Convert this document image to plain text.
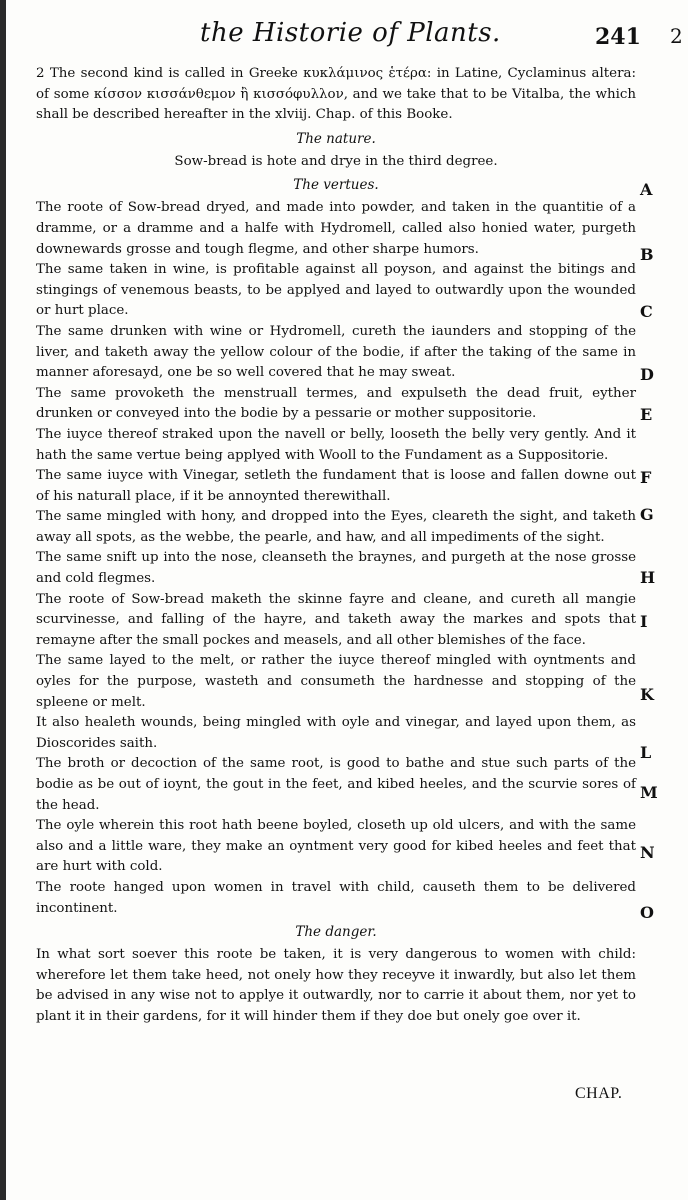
the Historie of Plants.	241 2

2 The second kind is called in Greeke κυκλάμινος ἑτέρα: in Latine, Cyclaminus altera: of some κίσσον κισσάνθεμον ἢ κισσόφυλλον, and we take that to be Vitalba, the which shall be described hereafter in the xlviij. Chap. of this Booke.

The nature.

Sow-bread is hote and drye in the third degree.

The vertues.

The roote of Sow-bread dryed, and made into powder, and taken in the quantitie of a dramme, or a dramme and a halfe with Hydromell, called also honied water, purgeth downewards grosse and tough flegme, and other sharpe humors.

The same taken in wine, is profitable against all poyson, and against the bitings and stingings of venemous beasts, to be applyed and layed to outwardly upon the wounded or hurt place.

The same drunken with wine or Hydromell, cureth the iaunders and stopping of the liver, and taketh away the yellow colour of the bodie, if after the taking of the same in manner aforesayd, one be so well covered that he may sweat.

The same provoketh the menstruall termes, and expulseth the dead fruit, eyther drunken or conveyed into the bodie by a pessarie or mother suppositorie.

The iuyce thereof straked upon the navell or belly, looseth the belly very gently. And it hath the same vertue being applyed with Wooll to the Fundament as a Suppositorie.

The same iuyce with Vinegar, setleth the fundament that is loose and fallen downe out of his naturall place, if it be annoynted therewithall.

The same mingled with hony, and dropped into the Eyes, cleareth the sight, and taketh away all spots, as the webbe, the pearle, and haw, and all impediments of the sight.

The same snift up into the nose, cleanseth the braynes, and purgeth at the nose grosse and cold flegmes.

The roote of Sow-bread maketh the skinne fayre and cleane, and cureth all mangie scurvinesse, and falling of the hayre, and taketh away the markes and spots that remayne after the small pockes and measels, and all other blemishes of the face.

The same layed to the melt, or rather the iuyce thereof mingled with oyntments and oyles for the purpose, wasteth and consumeth the hardnesse and stopping of the spleene or melt.

It also healeth wounds, being mingled with oyle and vinegar, and layed upon them, as Dioscorides saith.

The broth or decoction of the same root, is good to bathe and stue such parts of the bodie as be out of ioynt, the gout in the feet, and kibed heeles, and the scurvie sores of the head.

The oyle wherein this root hath beene boyled, closeth up old ulcers, and with the same also and a little ware, they make an oyntment very good for kibed heeles and feet that are hurt with cold.

The roote hanged upon women in travel with child, causeth them to be delivered incontinent.

The danger.

In what sort soever this roote be taken, it is very dangerous to women with child: wherefore let them take heed, not onely how they receyve it inwardly, but also let them be advised in any wise not to applye it outwardly, nor to carrie it about them, nor yet to plant it in their gardens, for it will hinder them if they doe but onely goe over it.

A
B
C
D
E
F
G
H
I
K
L
M
N
O
CHAP.
